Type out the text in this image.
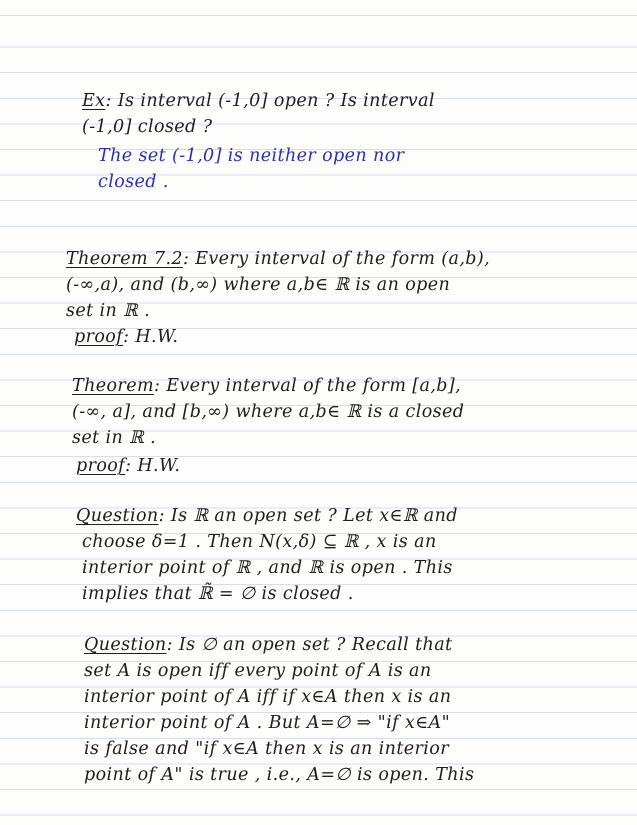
Ex: Is interval (-1,0] open ? Is interval

(-1,0] closed ?

The set (-1,0] is neither open nor

closed .

Theorem 7.2: Every interval of the form (a,b),

(-∞,a), and (b,∞) where a,b∈ ℝ is an open

set in ℝ .

proof: H.W.

Theorem: Every interval of the form [a,b],

(-∞, a], and [b,∞) where a,b∈ ℝ is a closed

set in ℝ .

proof: H.W.

Question: Is ℝ an open set ? Let x∈ℝ and

choose δ=1 . Then N(x,δ) ⊆ ℝ , x is an

interior point of ℝ , and ℝ is open . This

implies that ℝ̃ = ∅ is closed .

Question: Is ∅ an open set ? Recall that

set A is open iff every point of A is an

interior point of A iff if x∈A then x is an

interior point of A . But A=∅ ⇒ "if x∈A"

is false and "if x∈A then x is an interior

point of A" is true , i.e., A=∅ is open. This
